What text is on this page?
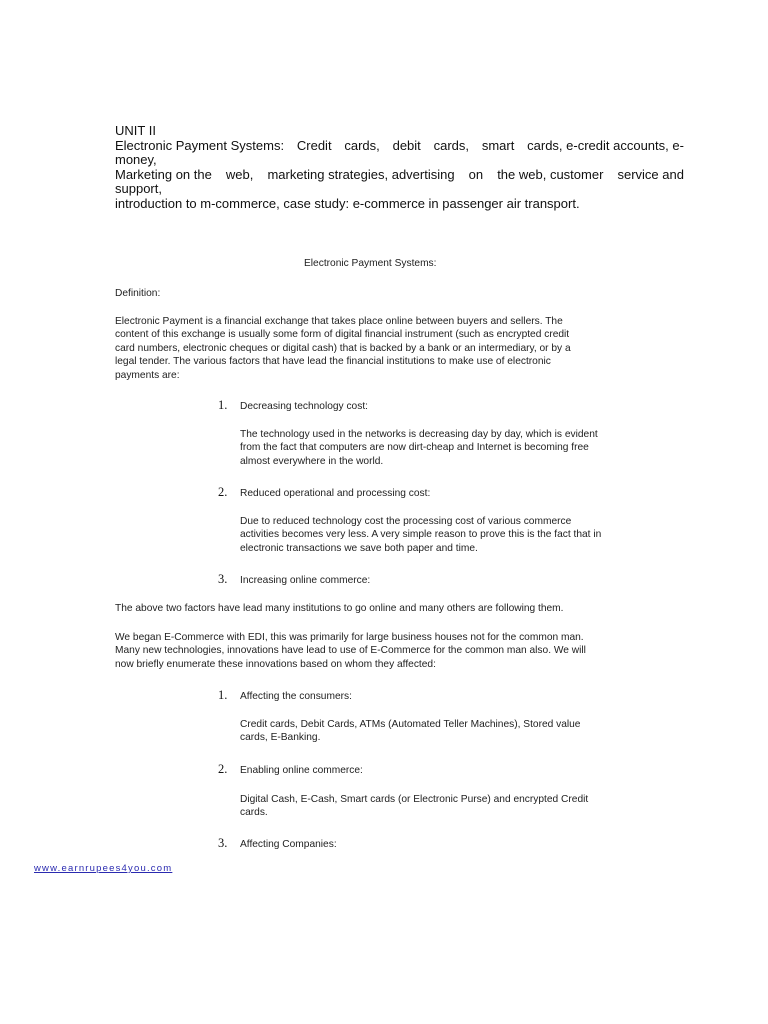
UNIT II
Electronic Payment Systems: Credit cards, debit cards, smart cards, e-credit accounts, e-
money,
Marketing on the web, marketing strategies, advertising on the web, customer service and
support,
introduction to m-commerce, case study: e-commerce in passenger air transport.
Electronic Payment Systems:
Definition:
Electronic Payment is a financial exchange that takes place online between buyers and sellers. The
content of this exchange is usually some form of digital financial instrument (such as encrypted credit
card numbers, electronic cheques or digital cash) that is backed by a bank or an intermediary, or by a
legal tender. The various factors that have lead the financial institutions to make use of electronic
payments are:
1. Decreasing technology cost:
The technology used in the networks is decreasing day by day, which is evident
from the fact that computers are now dirt-cheap and Internet is becoming free
almost everywhere in the world.
2. Reduced operational and processing cost:
Due to reduced technology cost the processing cost of various commerce
activities becomes very less. A very simple reason to prove this is the fact that in
electronic transactions we save both paper and time.
3. Increasing online commerce:
The above two factors have lead many institutions to go online and many others are following them.
We began E-Commerce with EDI, this was primarily for large business houses not for the common man.
Many new technologies, innovations have lead to use of E-Commerce for the common man also. We will
now briefly enumerate these innovations based on whom they affected:
1. Affecting the consumers:
Credit cards, Debit Cards, ATMs (Automated Teller Machines), Stored value
cards, E-Banking.
2. Enabling online commerce:
Digital Cash, E-Cash, Smart cards (or Electronic Purse) and encrypted Credit
cards.
3. Affecting Companies:
www.earnrupees4you.com
